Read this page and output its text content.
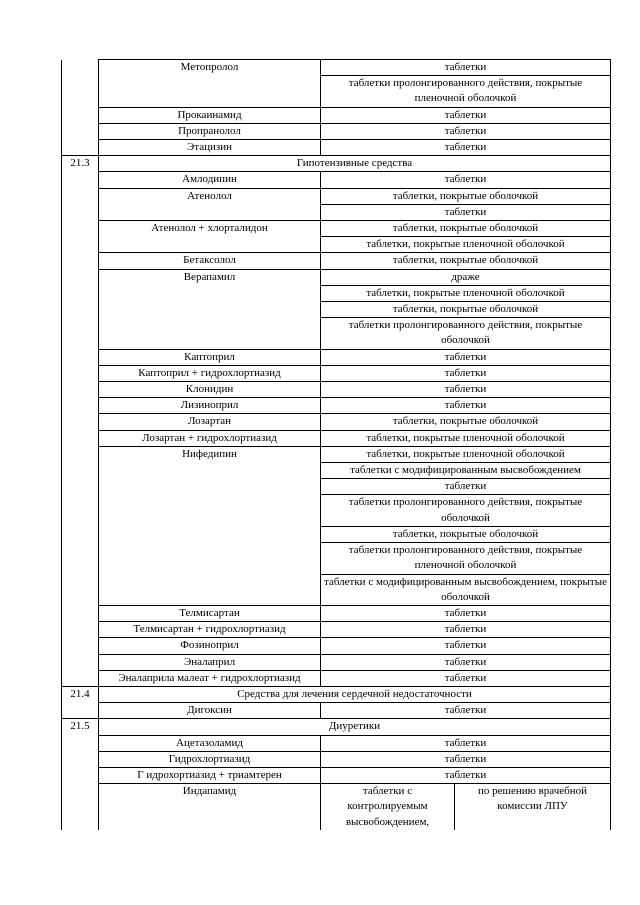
	Метопролол	таблетки	
		таблетки пролонгированного действия, покрытые пленочной оболочкой	
	Прокаинамид	таблетки	
	Пропранолол	таблетки	
	Этацизин	таблетки	
21.3	Гипотензивные средства		
	Амлодипин	таблетки	
	Атенолол	таблетки, покрытые оболочкой	
		таблетки	
	Атенолол + хлорталидон	таблетки, покрытые оболочкой	
		таблетки, покрытые пленочной оболочкой	
	Бетаксолол	таблетки, покрытые оболочкой	
	Верапамил	драже	
		таблетки, покрытые пленочной оболочкой	
		таблетки, покрытые оболочкой	
		таблетки пролонгированного действия, покрытые оболочкой	
	Каптоприл	таблетки	
	Каптоприл + гидрохлортиазид	таблетки	
	Клонидин	таблетки	
	Лизиноприл	таблетки	
	Лозартан	таблетки, покрытые оболочкой	
	Лозартан + гидрохлортиазид	таблетки, покрытые пленочной оболочкой	
	Нифедипин	таблетки, покрытые пленочной оболочкой	
		таблетки с модифицированным высвобождением	
		таблетки	
		таблетки пролонгированного действия, покрытые оболочкой	
		таблетки, покрытые оболочкой	
		таблетки пролонгированного действия, покрытые пленочной оболочкой	
		таблетки с модифицированным высвобождением, покрытые оболочкой	
	Телмисартан	таблетки	
	Телмисартан + гидрохлортиазид	таблетки	
	Фозиноприл	таблетки	
	Эналаприл	таблетки	
	Эналаприла малеат + гидрохлортиазид	таблетки	
21.4	Средства для лечения сердечной недостаточности		
	Дигоксин	таблетки	
21.5	Диуретики		
	Ацетазоламид	таблетки	
	Гидрохлортиазид	таблетки	
	Г идрохортиазид + триамтерен	таблетки	
	Индапамид	таблетки с контролируемым высвобождением,	по решению врачебной комиссии ЛПУ
